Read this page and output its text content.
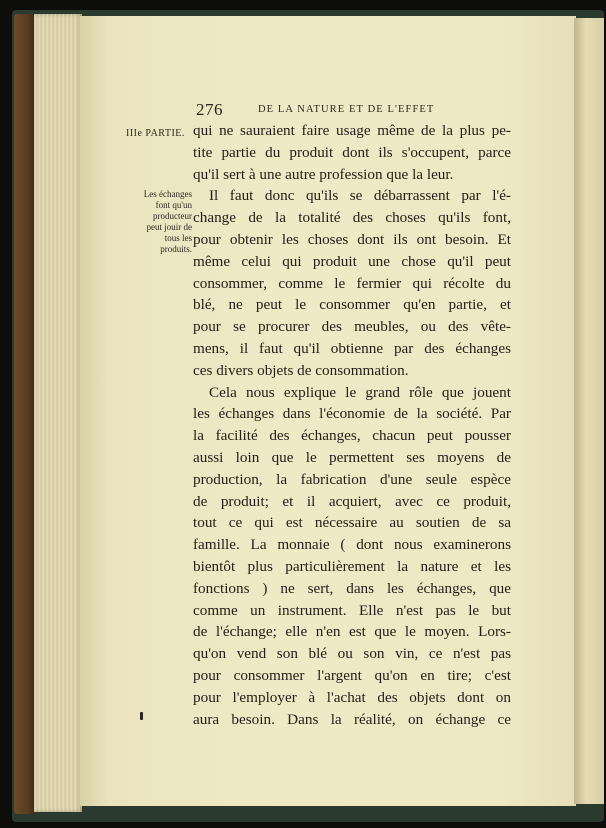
276	DE LA NATURE ET DE L'EFFET
IIIe PARTIE.
Les échanges
font qu'un
producteur
peut jouir de
tous les
produits.
qui ne sauraient faire usage même de la plus pe-
tite partie du produit dont ils s'occupent, parce
qu'il sert à une autre profession que la leur.
Il faut donc qu'ils se débarrassent par l'é-
change de la totalité des choses qu'ils font,
pour obtenir les choses dont ils ont besoin. Et
même celui qui produit une chose qu'il peut
consommer, comme le fermier qui récolte du
blé, ne peut le consommer qu'en partie, et
pour se procurer des meubles, ou des vête-
mens, il faut qu'il obtienne par des échanges
ces divers objets de consommation.
Cela nous explique le grand rôle que jouent
les échanges dans l'économie de la société. Par
la facilité des échanges, chacun peut pousser
aussi loin que le permettent ses moyens de
production, la fabrication d'une seule espèce
de produit; et il acquiert, avec ce produit,
tout ce qui est nécessaire au soutien de sa
famille. La monnaie ( dont nous examinerons
bientôt plus particulièrement la nature et les
fonctions ) ne sert, dans les échanges, que
comme un instrument. Elle n'est pas le but
de l'échange; elle n'en est que le moyen. Lors-
qu'on vend son blé ou son vin, ce n'est pas
pour consommer l'argent qu'on en tire; c'est
pour l'employer à l'achat des objets dont on
aura besoin. Dans la réalité, on échange ce
